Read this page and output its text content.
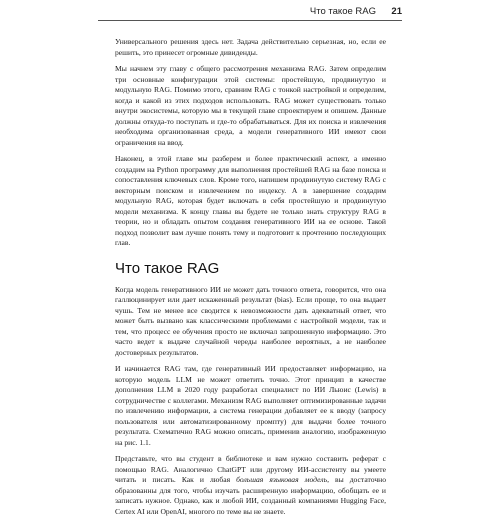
Что такое RAG 21

Универсального решения здесь нет. Задача действительно серьезная, но, если ее решить, это принесет огромные дивиденды.

Мы начнем эту главу с общего рассмотрения механизма RAG. Затем определим три основные конфигурации этой системы: простейшую, продвинутую и модульную RAG. Помимо этого, сравним RAG с тонкой настройкой и определим, когда и какой из этих подходов использовать. RAG может существовать только внутри экосистемы, которую мы в текущей главе спроектируем и опишем. Данные должны откуда-то поступать и где-то обрабатываться. Для их поиска и извлечения необходима организованная среда, а модели генеративного ИИ имеют свои ограничения на ввод.

Наконец, в этой главе мы разберем и более практический аспект, а именно создадим на Python программу для выполнения простейшей RAG на базе поиска и сопоставления ключевых слов. Кроме того, напишем продвинутую систему RAG с векторным поиском и извлечением по индексу. А в завершение создадим модульную RAG, которая будет включать в себя простейшую и продвинутую модели механизма. К концу главы вы будете не только знать структуру RAG в теории, но и обладать опытом создания генеративного ИИ на ее основе. Такой подход позволит вам лучше понять тему и подготовит к прочтению последующих глав.

Что такое RAG

Когда модель генеративного ИИ не может дать точного ответа, говорится, что она галлюцинирует или дает искаженный результат (bias). Если проще, то она выдает чушь. Тем не менее все сводится к невозможности дать адекватный ответ, что может быть вызвано как классическими проблемами с настройкой модели, так и тем, что процесс ее обучения просто не включал запрошенную информацию. Это часто ведет к выдаче случайной череды наиболее вероятных, а не наиболее достоверных результатов.

И начинается RAG там, где генеративный ИИ предоставляет информацию, на которую модель LLM не может ответить точно. Этот принцип в качестве дополнения LLM в 2020 году разработал специалист по ИИ Льюис (Lewis) в сотрудничестве с коллегами. Механизм RAG выполняет оптимизированные задачи по извлечению информации, а система генерации добавляет ее к вводу (запросу пользователя или автоматизированному промпту) для выдачи более точного результата. Схематично RAG можно описать, применив аналогию, изображенную на рис. 1.1.

Представьте, что вы студент в библиотеке и вам нужно составить реферат с помощью RAG. Аналогично ChatGPT или другому ИИ-ассистенту вы умеете читать и писать. Как и любая большая языковая модель, вы достаточно образованны для того, чтобы изучать расширенную информацию, обобщать ее и записать нужное. Однако, как и любой ИИ, созданный компаниями Hugging Face, Certex AI или OpenAI, многого по теме вы не знаете.
